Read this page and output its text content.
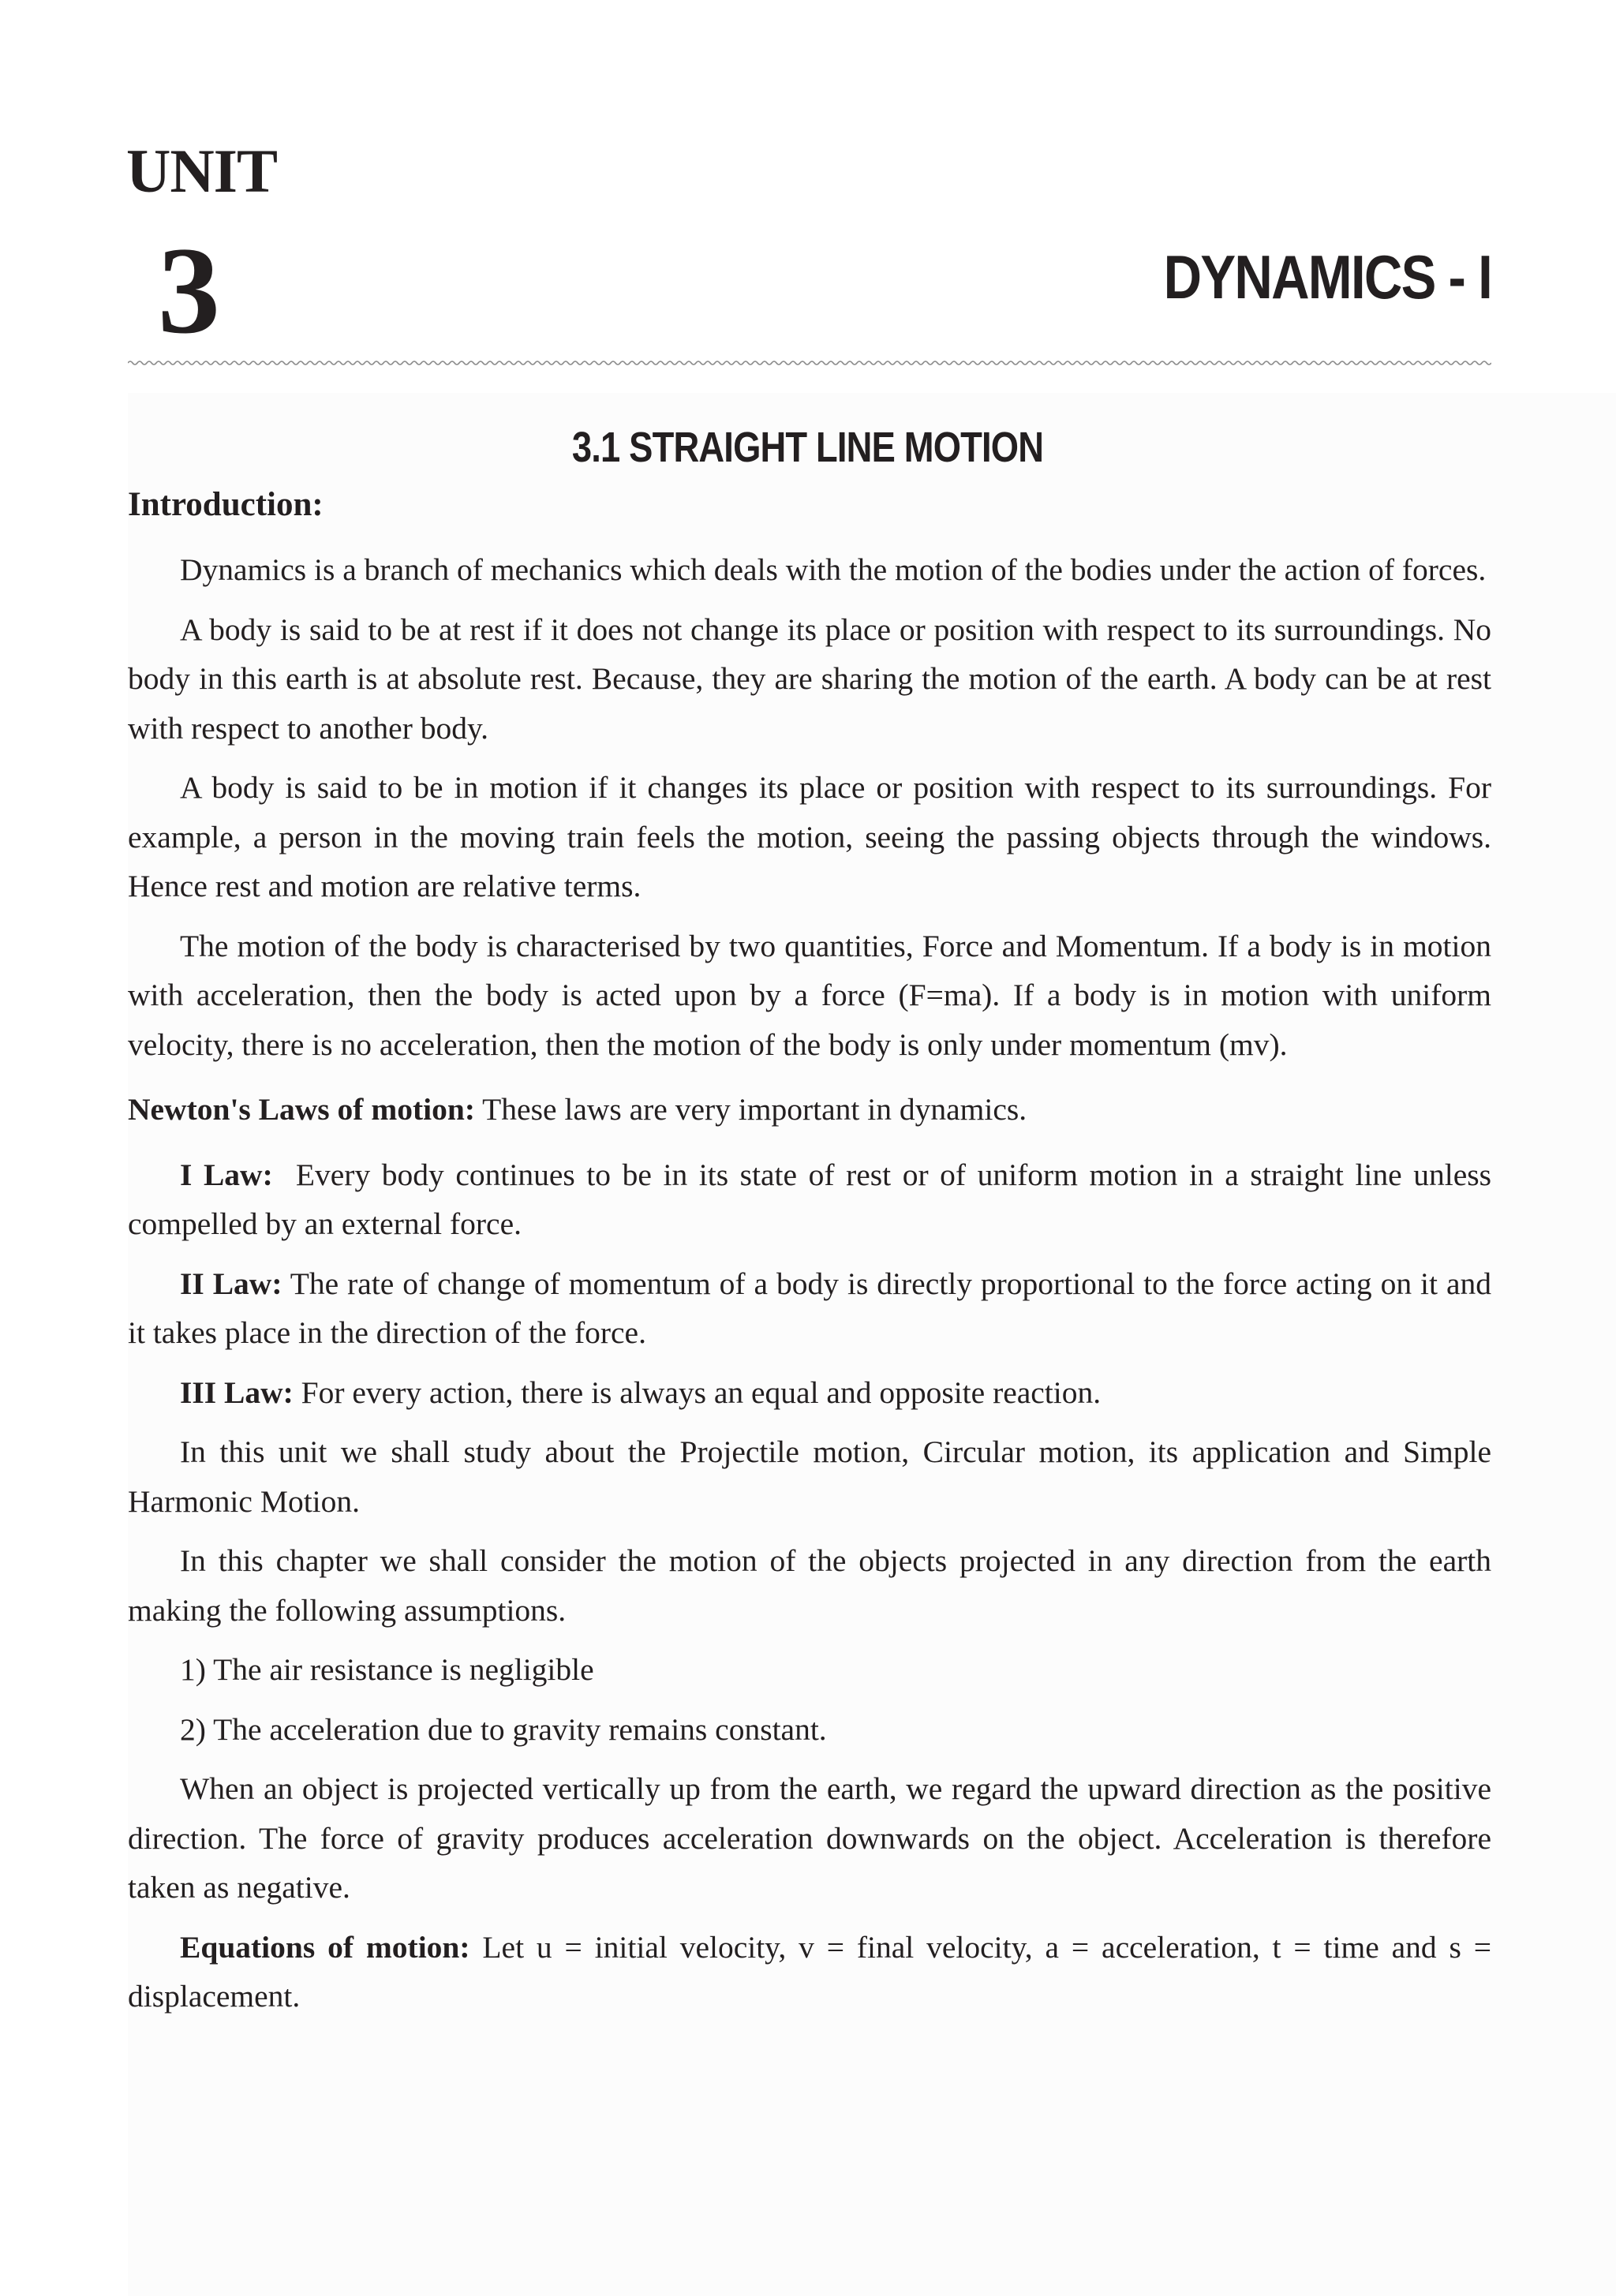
UNIT
3	DYNAMICS - I
3.1 STRAIGHT LINE MOTION
Introduction:

Dynamics is a branch of mechanics which deals with the motion of the bodies under the action of forces.

A body is said to be at rest if it does not change its place or position with respect to its surroundings. No body in this earth is at absolute rest. Because, they are sharing the motion of the earth. A body can be at rest with respect to another body.

A body is said to be in motion if it changes its place or position with respect to its surroundings. For example, a person in the moving train feels the motion, seeing the passing objects through the windows. Hence rest and motion are relative terms.

The motion of the body is characterised by two quantities, Force and Momentum. If a body is in motion with acceleration, then the body is acted upon by a force (F=ma). If a body is in motion with uniform velocity, there is no acceleration, then the motion of the body is only under momentum (mv).

Newton's Laws of motion: These laws are very important in dynamics.

I Law: Every body continues to be in its state of rest or of uniform motion in a straight line unless compelled by an external force.

II Law: The rate of change of momentum of a body is directly proportional to the force acting on it and it takes place in the direction of the force.

III Law: For every action, there is always an equal and opposite reaction.

In this unit we shall study about the Projectile motion, Circular motion, its application and Simple Harmonic Motion.

In this chapter we shall consider the motion of the objects projected in any direction from the earth making the following assumptions.

1) The air resistance is negligible

2) The acceleration due to gravity remains constant.

When an object is projected vertically up from the earth, we regard the upward direction as the positive direction. The force of gravity produces acceleration downwards on the object. Acceleration is therefore taken as negative.

Equations of motion: Let u = initial velocity, v = final velocity, a = acceleration, t = time and s = displacement.
